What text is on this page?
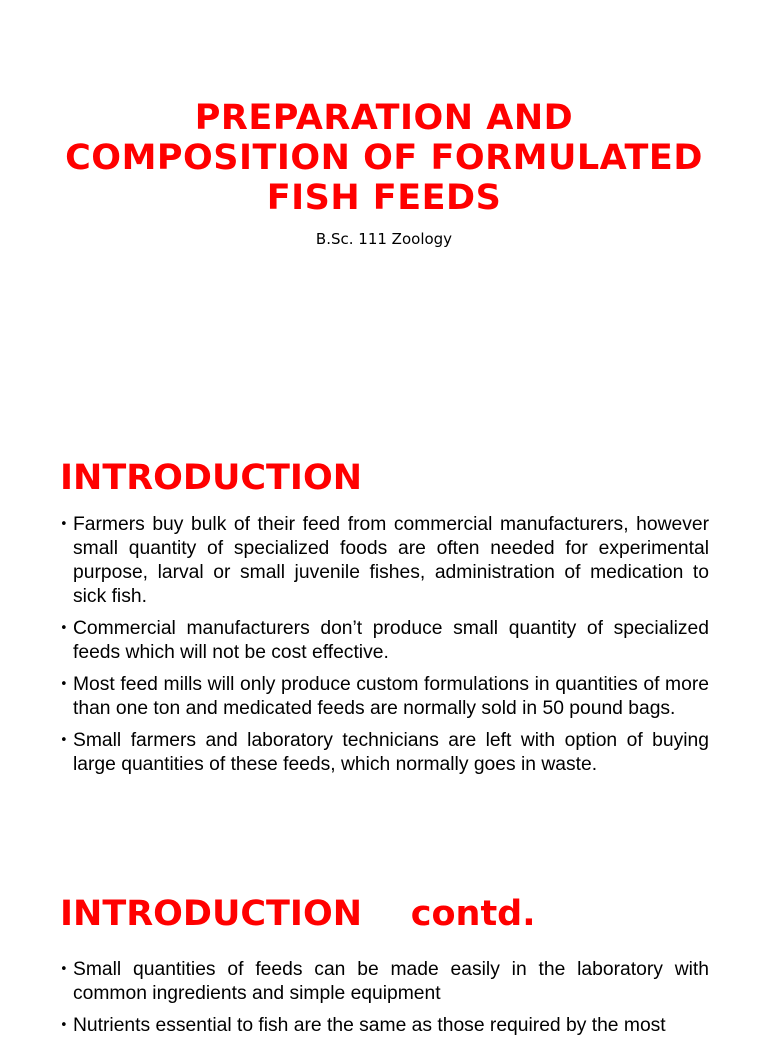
PREPARATION AND COMPOSITION OF FORMULATED FISH FEEDS
B.Sc. 111 Zoology
INTRODUCTION
• Farmers buy bulk of their feed from commercial manufacturers, however small quantity of specialized foods are often needed for experimental purpose, larval or small juvenile fishes, administration of medication to sick fish.
• Commercial manufacturers don’t produce small quantity of specialized feeds which will not be cost effective.
• Most feed mills will only produce custom formulations in quantities of more than one ton and medicated feeds are normally sold in 50 pound bags.
• Small farmers and laboratory technicians are left with option of buying large quantities of these feeds, which normally goes in waste.
INTRODUCTION    contd.
• Small quantities of feeds can be made easily in the laboratory with common ingredients and simple equipment
• Nutrients essential to fish are the same as those required by the most
